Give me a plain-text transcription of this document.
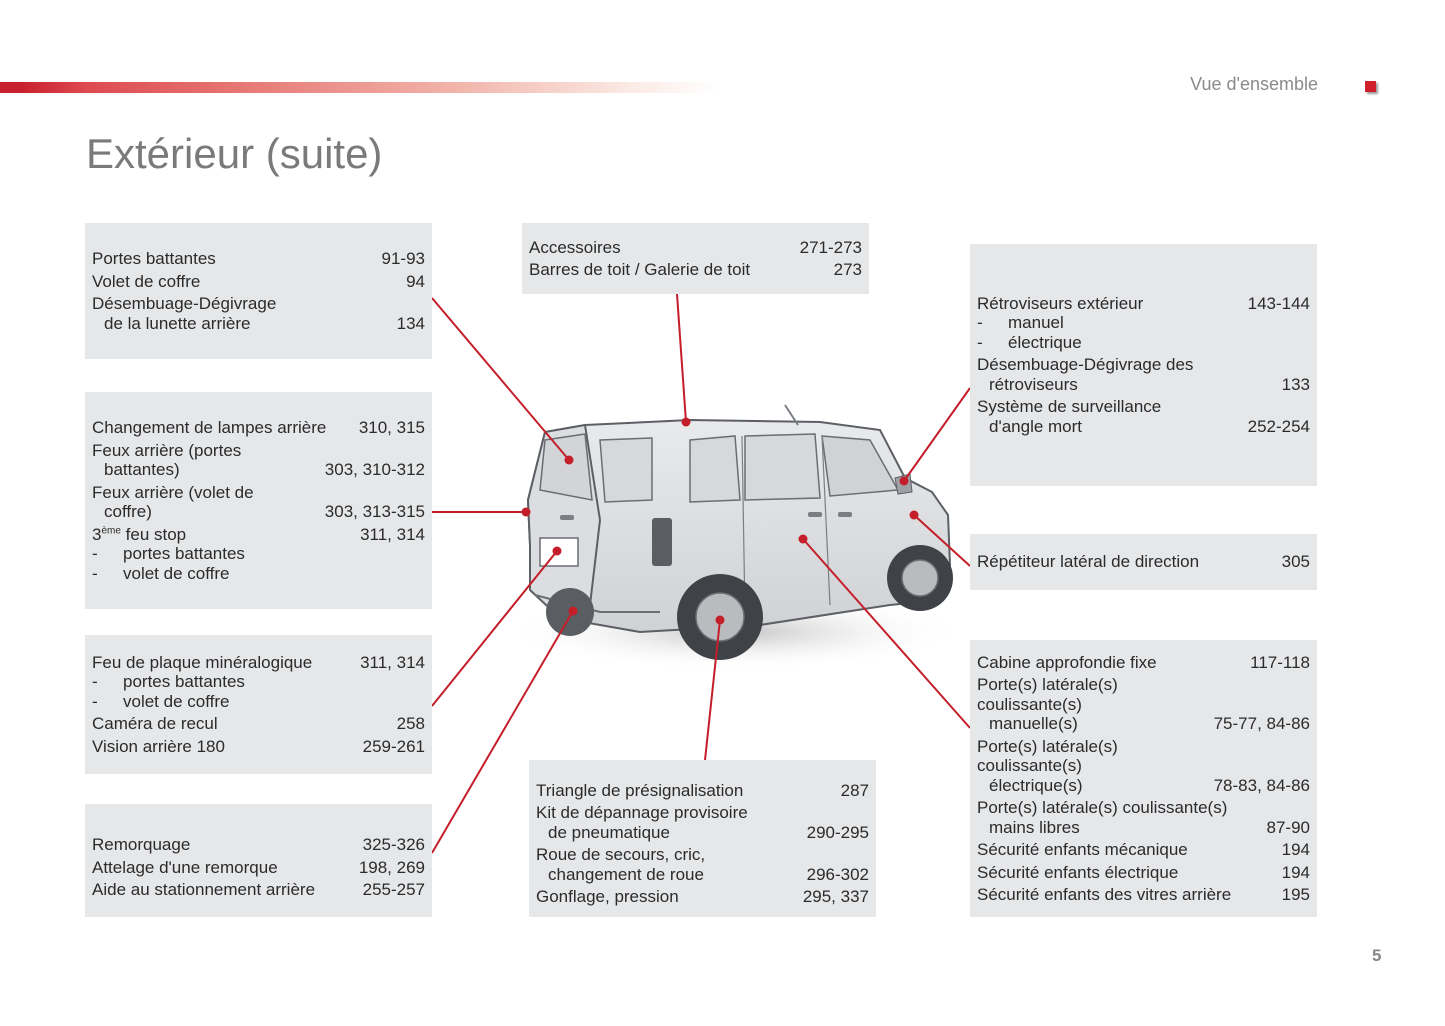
Vue d'ensemble
Extérieur (suite)
Portes battantes	91-93
Volet de coffre	94
Désembuage-Dégivrage
de la lunette arrière	134
Changement de lampes arrière	310, 315
Feux arrière (portes
battantes)	303, 310-312
Feux arrière (volet de
coffre)	303, 313-315
3ème feu stop	311, 314
-	portes battantes
-	volet de coffre
Feu de plaque minéralogique	311, 314
-	portes battantes
-	volet de coffre
Caméra de recul	258
Vision arrière 180	259-261
Remorquage	325-326
Attelage d'une remorque	198, 269
Aide au stationnement arrière	255-257
Accessoires	271-273
Barres de toit / Galerie de toit	273
Triangle de présignalisation	287
Kit de dépannage provisoire
de pneumatique	290-295
Roue de secours, cric,
changement de roue	296-302
Gonflage, pression	295, 337
Rétroviseurs extérieur	143-144
-	manuel
-	électrique
Désembuage-Dégivrage des
rétroviseurs	133
Système de surveillance
d'angle mort	252-254
Répétiteur latéral de direction	305
Cabine approfondie fixe	117-118
Porte(s) latérale(s) coulissante(s)
manuelle(s)	75-77, 84-86
Porte(s) latérale(s) coulissante(s)
électrique(s)	78-83, 84-86
Porte(s) latérale(s) coulissante(s)
mains libres	87-90
Sécurité enfants mécanique	194
Sécurité enfants électrique	194
Sécurité enfants des vitres arrière	195
5
